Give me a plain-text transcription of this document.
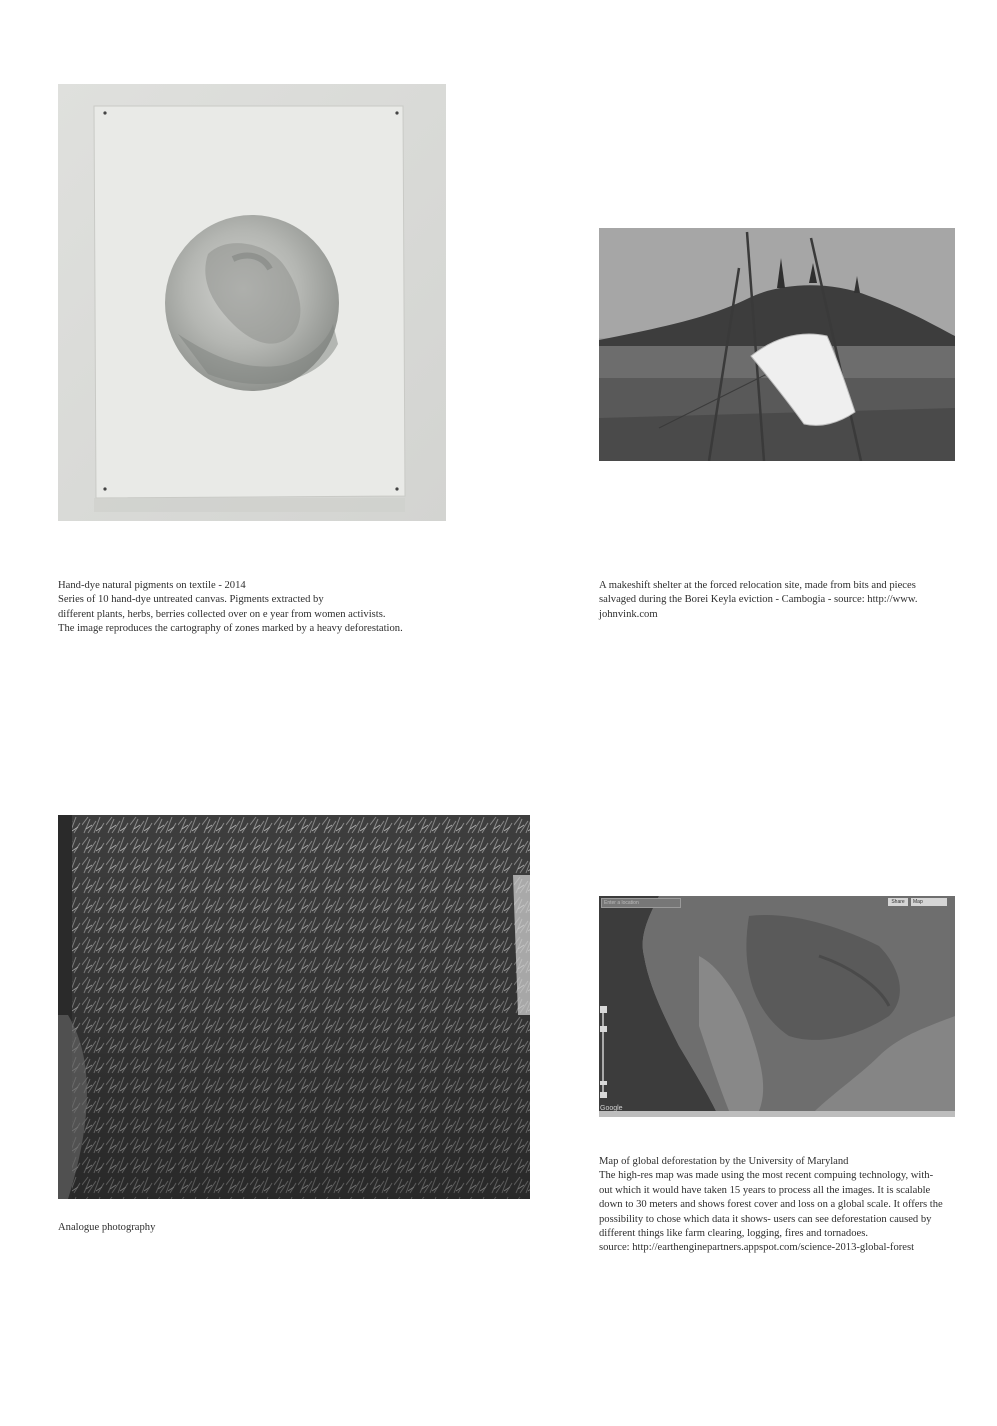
Enter a location	Share	Map
Google
Hand-dye natural pigments on textile - 2014
Series of 10 hand-dye untreated canvas. Pigments extracted by
different plants, herbs, berries collected over on e year from women activists.
The image reproduces the cartography of zones marked by a heavy deforestation.
A makeshift shelter at the forced relocation site, made from bits and pieces
salvaged during the Borei Keyla eviction - Cambogia - source: http://www.
johnvink.com
Analogue photography
Map of global deforestation by the University of Maryland
The high-res map was made using the most recent compuing technology, with-
out which it would have taken 15 years to process all the images. It is scalable
down to 30 meters and shows forest cover and loss on a global scale. It offers the
possibility to chose which data it shows- users can see deforestation caused by
different things like farm clearing, logging, fires and tornadoes.
source: http://earthenginepartners.appspot.com/science-2013-global-forest
